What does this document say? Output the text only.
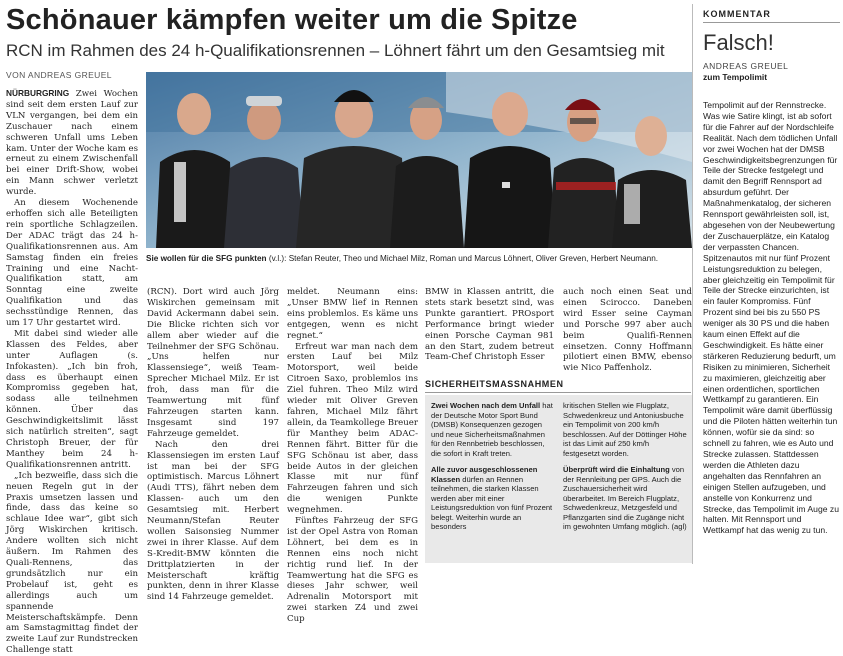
Schönauer kämpfen weiter um die Spitze
RCN im Rahmen des 24 h-Qualifikationsrennen – Löhnert fährt um den Gesamtsieg mit
VON ANDREAS GREUEL

NÜRBURGRING Zwei Wochen sind seit dem ersten Lauf zur VLN vergangen, bei dem ein Zuschauer nach einem schweren Unfall ums Leben kam. Unter der Woche kam es erneut zu einem Zwischenfall bei einer Drift-Show, wobei ein Mann schwer verletzt wurde.

An diesem Wochenende erhoffen sich alle Beteiligten rein sportliche Schlagzeilen. Der ADAC trägt das 24 h-Qualifikationsrennen aus. Am Samstag finden ein freies Training und eine Nacht-Qualifikation statt, am Sonntag eine zweite Qualifikation und das sechsstündige Rennen, das um 17 Uhr gestartet wird.

Mit dabei sind wieder alle Klassen des Feldes, aber unter Auflagen (s. Infokasten). „Ich bin froh, dass es überhaupt einen Kompromiss gegeben hat, sodass alle teilnehmen können. Über das Geschwindigkeitslimit lässt sich natürlich streiten“, sagt Christoph Breuer, der für Manthey beim 24 h-Qualifikationsrennen antritt.

„Ich bezweifle, dass sich die neuen Regeln gut in der Praxis umsetzen lassen und finde, dass das keine so schlaue Idee war“, gibt sich Jörg Wiskirchen kritisch. Andere wollten sich nicht äußern. Im Rahmen des Quali-Rennens, das grundsätzlich nur ein Probelauf ist, geht es allerdings auch um spannende Meisterschaftskämpfe. Denn am Samstagmittag findet der zweite Lauf zur Rundstrecken Challenge statt

Sie wollen für die SFG punkten (v.l.): Stefan Reuter, Theo und Michael Milz, Roman und Marcus Löhnert, Oliver Greven, Herbert Neumann.

(RCN). Dort wird auch Jörg Wiskirchen gemeinsam mit David Ackermann dabei sein. Die Blicke richten sich vor allem aber wieder auf die Teilnehmer der SFG Schönau. „Uns helfen nur Klassensiege“, weiß Team-Sprecher Michael Milz. Er ist froh, dass man für die Teamwertung mit fünf Fahrzeugen starten kann. Insgesamt sind 197 Fahrzeuge gemeldet.

Nach den drei Klassensiegen im ersten Lauf ist man bei der SFG optimistisch. Marcus Löhnert (Audi TTS), fährt neben dem Klassen- auch um den Gesamtsieg mit. Herbert Neumann/Stefan Reuter wollen Saisonsieg Nummer zwei in ihrer Klasse. Auf dem S-Kredit-BMW könnten die Drittplatzierten in der Meisterschaft kräftig punkten, denn in ihrer Klasse sind 14 Fahrzeuge gemeldet.

meldet. Neumann eins: „Unser BMW lief in Rennen eins problemlos. Es käme uns entgegen, wenn es nicht regnet.“

Erfreut war man nach dem ersten Lauf bei Milz Motorsport, weil beide Citroen Saxo, problemlos ins Ziel fuhren. Theo Milz wird wieder mit Oliver Greven fahren, Michael Milz fährt allein, da Teamkollege Breuer für Manthey beim ADAC-Rennen fährt. Bitter für die SFG Schönau ist aber, dass beide Autos in der gleichen Klasse mit nur fünf Fahrzeugen fahren und sich die wenigen Punkte wegnehmen.

Fünftes Fahrzeug der SFG ist der Opel Astra von Roman Löhnert, bei dem es in Rennen eins noch nicht richtig rund lief. In der Teamwertung hat die SFG es dieses Jahr schwer, weil Adrenalin Motorsport mit zwei starken Z4 und zwei Cup

BMW in Klassen antritt, die stets stark besetzt sind, was Punkte garantiert. PROsport Performance bringt wieder einen Porsche Cayman 981 an den Start, zudem betreut Team-Chef Christoph Esser

auch noch einen Seat und einen Scirocco. Daneben wird Esser seine Cayman und Porsche 997 aber auch beim Qualifi-Rennen einsetzen. Conny Hoffmann pilotiert einen BMW, ebenso wie Nico Paffenholz.

SICHERHEITSMASSNAHMEN

Zwei Wochen nach dem Unfall hat der Deutsche Motor Sport Bund (DMSB) Konsequenzen gezogen und neue Sicherheitsmaßnahmen für den Rennbetrieb beschlossen, die sofort in Kraft treten.

Alle zuvor ausgeschlossenen Klassen dürfen an Rennen teilnehmen, die starken Klassen werden aber mit einer Leistungsreduktion von fünf Prozent belegt. Weiterhin wurde an besonders

kritischen Stellen wie Flugplatz, Schwedenkreuz und Antoniusbuche ein Tempolimit von 200 km/h beschlossen. Auf der Döttinger Höhe ist das Limit auf 250 km/h festgesetzt worden.

Überprüft wird die Einhaltung von der Rennleitung per GPS. Auch die Zuschauersicherheit wird überarbeitet. Im Bereich Flugplatz, Schwedenkreuz, Metzgesfeld und Pflanzgarten sind die Zugänge nicht im gewohnten Umfang möglich. (agl)

KOMMENTAR
Falsch!
ANDREAS GREUEL
zum Tempolimit
Tempolimit auf der Rennstrecke. Was wie Satire klingt, ist ab sofort für die Fahrer auf der Nordschleife Realität. Nach dem tödlichen Unfall vor zwei Wochen hat der DMSB Geschwindigkeitsbegrenzungen für Teile der Strecke festgelegt und damit den Begriff Rennsport ad absurdum geführt. Der Maßnahmenkatalog, der sicheren Rennsport gewährleisten soll, ist, abgesehen von der Neubewertung der Zuschauerplätze, ein Katalog der verpassten Chancen. Spitzenautos mit nur fünf Prozent Leistungsreduktion zu belegen, aber gleichzeitig ein Tempolimit für Teile der Strecke einzurichten, ist ein fauler Kompromiss. Fünf Prozent sind bei bis zu 550 PS weniger als 30 PS und die haben kaum einen Effekt auf die Geschwindigkeit. Es hätte einer stärkeren Reduzierung bedurft, um Risiken zu minimieren, Sicherheit zu maximieren, gleichzeitig aber einen ordentlichen, sportlichen Wettkampf zu garantieren. Ein Tempolimit wäre damit überflüssig und die Piloten hätten weiterhin tun können, wofür sie da sind: so schnell zu fahren, wie es Auto und Strecke zulassen. Stattdessen werden die Athleten dazu angehalten das Rennfahren an einigen Stellen aufzugeben, und anstelle von Konkurrenz und Strecke, das Tempolimit im Auge zu halten. Mit Rennsport und Wettkampf hat das wenig zu tun.
